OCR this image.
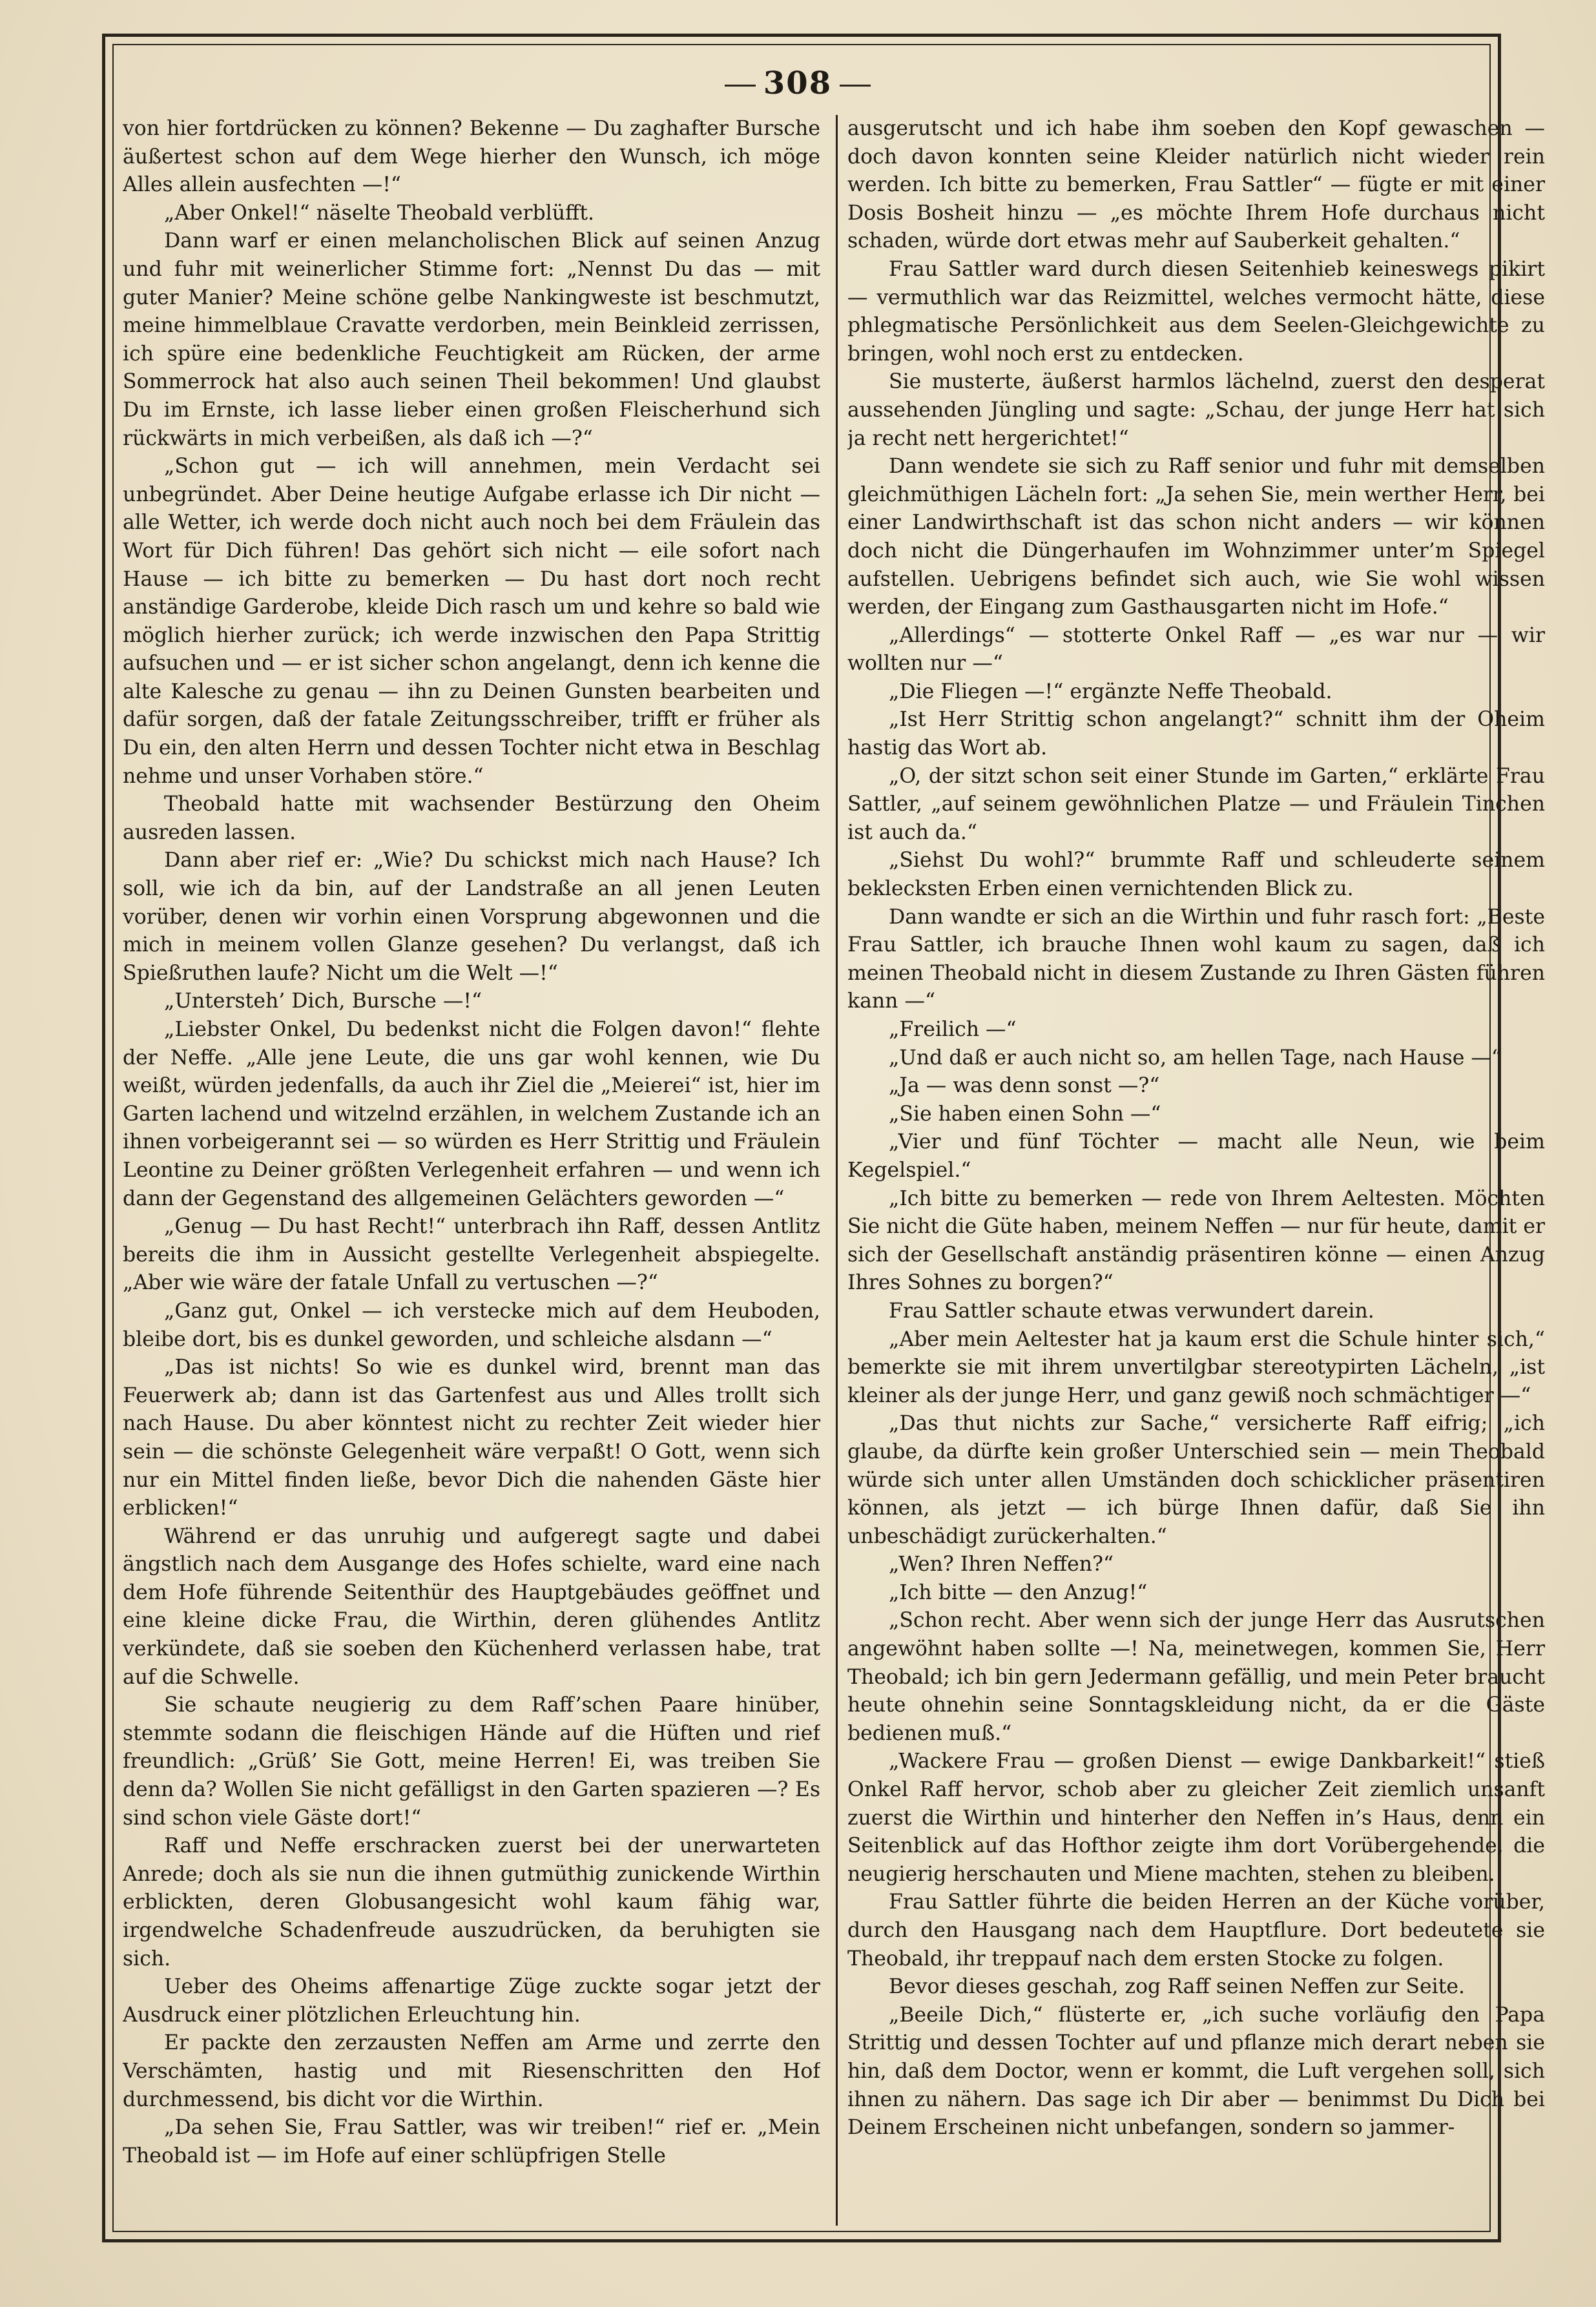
308

von hier fortdrücken zu können? Bekenne — Du zaghafter Bursche äußertest schon auf dem Wege hierher den Wunsch, ich möge Alles allein ausfechten —!“

„Aber Onkel!“ näselte Theobald verblüfft.

Dann warf er einen melancholischen Blick auf seinen Anzug und fuhr mit weinerlicher Stimme fort: „Nennst Du das — mit guter Manier? Meine schöne gelbe Nankingweste ist beschmutzt, meine himmelblaue Cravatte verdorben, mein Beinkleid zerrissen, ich spüre eine bedenkliche Feuchtigkeit am Rücken, der arme Sommerrock hat also auch seinen Theil bekommen! Und glaubst Du im Ernste, ich lasse lieber einen großen Fleischerhund sich rückwärts in mich verbeißen, als daß ich —?“

„Schon gut — ich will annehmen, mein Verdacht sei unbegründet. Aber Deine heutige Aufgabe erlasse ich Dir nicht — alle Wetter, ich werde doch nicht auch noch bei dem Fräulein das Wort für Dich führen! Das gehört sich nicht — eile sofort nach Hause — ich bitte zu bemerken — Du hast dort noch recht anständige Garderobe, kleide Dich rasch um und kehre so bald wie möglich hierher zurück; ich werde inzwischen den Papa Strittig aufsuchen und — er ist sicher schon angelangt, denn ich kenne die alte Kalesche zu genau — ihn zu Deinen Gunsten bearbeiten und dafür sorgen, daß der fatale Zeitungsschreiber, trifft er früher als Du ein, den alten Herrn und dessen Tochter nicht etwa in Beschlag nehme und unser Vorhaben störe.“

Theobald hatte mit wachsender Bestürzung den Oheim ausreden lassen.

Dann aber rief er: „Wie? Du schickst mich nach Hause? Ich soll, wie ich da bin, auf der Landstraße an all jenen Leuten vorüber, denen wir vorhin einen Vorsprung abgewonnen und die mich in meinem vollen Glanze gesehen? Du verlangst, daß ich Spießruthen laufe? Nicht um die Welt —!“

„Untersteh’ Dich, Bursche —!“

„Liebster Onkel, Du bedenkst nicht die Folgen davon!“ flehte der Neffe. „Alle jene Leute, die uns gar wohl kennen, wie Du weißt, würden jedenfalls, da auch ihr Ziel die „Meierei“ ist, hier im Garten lachend und witzelnd erzählen, in welchem Zustande ich an ihnen vorbeigerannt sei — so würden es Herr Strittig und Fräulein Leontine zu Deiner größten Verlegenheit erfahren — und wenn ich dann der Gegenstand des allgemeinen Gelächters geworden —“

„Genug — Du hast Recht!“ unterbrach ihn Raff, dessen Antlitz bereits die ihm in Aussicht gestellte Verlegenheit abspiegelte. „Aber wie wäre der fatale Unfall zu vertuschen —?“

„Ganz gut, Onkel — ich verstecke mich auf dem Heuboden, bleibe dort, bis es dunkel geworden, und schleiche alsdann —“

„Das ist nichts! So wie es dunkel wird, brennt man das Feuerwerk ab; dann ist das Gartenfest aus und Alles trollt sich nach Hause. Du aber könntest nicht zu rechter Zeit wieder hier sein — die schönste Gelegenheit wäre verpaßt! O Gott, wenn sich nur ein Mittel finden ließe, bevor Dich die nahenden Gäste hier erblicken!“

Während er das unruhig und aufgeregt sagte und dabei ängstlich nach dem Ausgange des Hofes schielte, ward eine nach dem Hofe führende Seitenthür des Hauptgebäudes geöffnet und eine kleine dicke Frau, die Wirthin, deren glühendes Antlitz verkündete, daß sie soeben den Küchenherd verlassen habe, trat auf die Schwelle.

Sie schaute neugierig zu dem Raff’schen Paare hinüber, stemmte sodann die fleischigen Hände auf die Hüften und rief freundlich: „Grüß’ Sie Gott, meine Herren! Ei, was treiben Sie denn da? Wollen Sie nicht gefälligst in den Garten spazieren —? Es sind schon viele Gäste dort!“

Raff und Neffe erschracken zuerst bei der unerwarteten Anrede; doch als sie nun die ihnen gutmüthig zunickende Wirthin erblickten, deren Globusangesicht wohl kaum fähig war, irgendwelche Schadenfreude auszudrücken, da beruhigten sie sich.

Ueber des Oheims affenartige Züge zuckte sogar jetzt der Ausdruck einer plötzlichen Erleuchtung hin.

Er packte den zerzausten Neffen am Arme und zerrte den Verschämten, hastig und mit Riesenschritten den Hof durchmessend, bis dicht vor die Wirthin.

„Da sehen Sie, Frau Sattler, was wir treiben!“ rief er. „Mein Theobald ist — im Hofe auf einer schlüpfrigen Stelle

ausgerutscht und ich habe ihm soeben den Kopf gewaschen — doch davon konnten seine Kleider natürlich nicht wieder rein werden. Ich bitte zu bemerken, Frau Sattler“ — fügte er mit einer Dosis Bosheit hinzu — „es möchte Ihrem Hofe durchaus nicht schaden, würde dort etwas mehr auf Sauberkeit gehalten.“

Frau Sattler ward durch diesen Seitenhieb keineswegs pikirt — vermuthlich war das Reizmittel, welches vermocht hätte, diese phlegmatische Persönlichkeit aus dem Seelen-Gleichgewichte zu bringen, wohl noch erst zu entdecken.

Sie musterte, äußerst harmlos lächelnd, zuerst den desperat aussehenden Jüngling und sagte: „Schau, der junge Herr hat sich ja recht nett hergerichtet!“

Dann wendete sie sich zu Raff senior und fuhr mit demselben gleichmüthigen Lächeln fort: „Ja sehen Sie, mein werther Herr, bei einer Landwirthschaft ist das schon nicht anders — wir können doch nicht die Düngerhaufen im Wohnzimmer unter’m Spiegel aufstellen. Uebrigens befindet sich auch, wie Sie wohl wissen werden, der Eingang zum Gasthausgarten nicht im Hofe.“

„Allerdings“ — stotterte Onkel Raff — „es war nur — wir wollten nur —“

„Die Fliegen —!“ ergänzte Neffe Theobald.

„Ist Herr Strittig schon angelangt?“ schnitt ihm der Oheim hastig das Wort ab.

„O, der sitzt schon seit einer Stunde im Garten,“ erklärte Frau Sattler, „auf seinem gewöhnlichen Platze — und Fräulein Tinchen ist auch da.“

„Siehst Du wohl?“ brummte Raff und schleuderte seinem beklecksten Erben einen vernichtenden Blick zu.

Dann wandte er sich an die Wirthin und fuhr rasch fort: „Beste Frau Sattler, ich brauche Ihnen wohl kaum zu sagen, daß ich meinen Theobald nicht in diesem Zustande zu Ihren Gästen führen kann —“

„Freilich —“

„Und daß er auch nicht so, am hellen Tage, nach Hause —“

„Ja — was denn sonst —?“

„Sie haben einen Sohn —“

„Vier und fünf Töchter — macht alle Neun, wie beim Kegelspiel.“

„Ich bitte zu bemerken — rede von Ihrem Aeltesten. Möchten Sie nicht die Güte haben, meinem Neffen — nur für heute, damit er sich der Gesellschaft anständig präsentiren könne — einen Anzug Ihres Sohnes zu borgen?“

Frau Sattler schaute etwas verwundert darein.

„Aber mein Aeltester hat ja kaum erst die Schule hinter sich,“ bemerkte sie mit ihrem unvertilgbar stereotypirten Lächeln, „ist kleiner als der junge Herr, und ganz gewiß noch schmächtiger —“

„Das thut nichts zur Sache,“ versicherte Raff eifrig; „ich glaube, da dürfte kein großer Unterschied sein — mein Theobald würde sich unter allen Umständen doch schicklicher präsentiren können, als jetzt — ich bürge Ihnen dafür, daß Sie ihn unbeschädigt zurückerhalten.“

„Wen? Ihren Neffen?“

„Ich bitte — den Anzug!“

„Schon recht. Aber wenn sich der junge Herr das Ausrutschen angewöhnt haben sollte —! Na, meinetwegen, kommen Sie, Herr Theobald; ich bin gern Jedermann gefällig, und mein Peter braucht heute ohnehin seine Sonntagskleidung nicht, da er die Gäste bedienen muß.“

„Wackere Frau — großen Dienst — ewige Dankbarkeit!“ stieß Onkel Raff hervor, schob aber zu gleicher Zeit ziemlich unsanft zuerst die Wirthin und hinterher den Neffen in’s Haus, denn ein Seitenblick auf das Hofthor zeigte ihm dort Vorübergehende, die neugierig herschauten und Miene machten, stehen zu bleiben.

Frau Sattler führte die beiden Herren an der Küche vorüber, durch den Hausgang nach dem Hauptflure. Dort bedeutete sie Theobald, ihr treppauf nach dem ersten Stocke zu folgen.

Bevor dieses geschah, zog Raff seinen Neffen zur Seite.

„Beeile Dich,“ flüsterte er, „ich suche vorläufig den Papa Strittig und dessen Tochter auf und pflanze mich derart neben sie hin, daß dem Doctor, wenn er kommt, die Luft vergehen soll, sich ihnen zu nähern. Das sage ich Dir aber — benimmst Du Dich bei Deinem Erscheinen nicht unbefangen, sondern so jammer-
